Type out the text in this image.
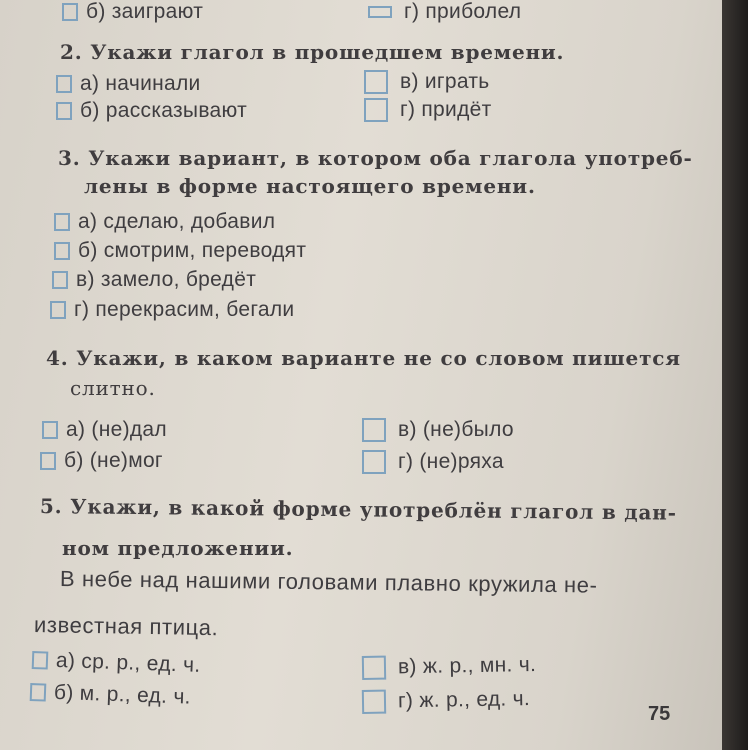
б) заиграют	г) приболел
2. Укажи глагол в прошедшем времени.
а) начинали
б) рассказывают
в) играть
г) придёт
3. Укажи вариант, в котором оба глагола употреб-
лены в форме настоящего времени.
а) сделаю, добавил
б) смотрим, переводят
в) замело, бредёт
г) перекрасим, бегали
4. Укажи, в каком варианте не со словом пишется
слитно.
а) (не)дал
б) (не)мог
в) (не)было
г) (не)ряха
5. Укажи, в какой форме употреблён глагол в дан-
ном предложении.
В небе над нашими головами плавно кружила не-
известная птица.
а) ср. р., ед. ч.
б) м. р., ед. ч.
в) ж. р., мн. ч.
г) ж. р., ед. ч.
75
